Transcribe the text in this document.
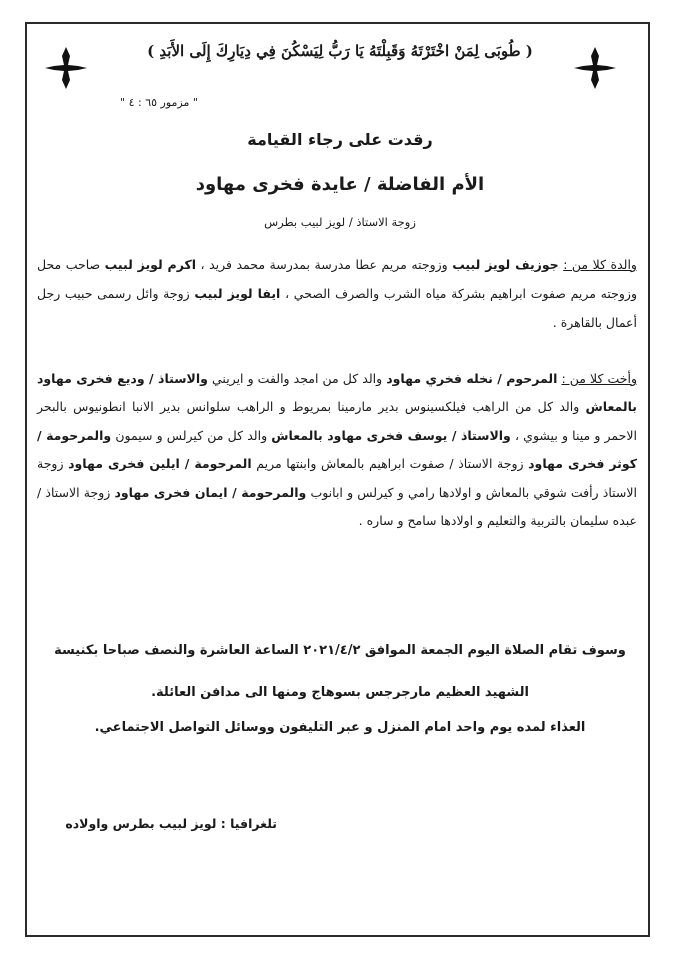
( طُوبَى لِمَنْ اخْتَرْتَهُ وَقَبِلْتَهُ يَا رَبُّ لِيَسْكُنَ فِي دِيَارِكَ إِلَى الأَبَدِ )
" مزمور ٦٥ : ٤ "
رقدت على رجاء القيامة
الأم الفاضلة / عايدة فخرى مهاود
زوجة الاستاذ / لويز لبيب بطرس
والدة كلا من : جوزيف لويز لبيب وزوجته مريم عطا مدرسة بمدرسة محمد فريد ، اكرم لويز لبيب صاحب محل وزوجته مريم صفوت ابراهيم بشركة مياه الشرب والصرف الصحي ، ايفا لويز لبيب زوجة وائل رسمى حبيب رجل أعمال بالقاهرة .
وأخت كلا من : المرحوم / نخله فخري مهاود والد كل من امجد والفت و ايريني والاستاذ / وديع فخرى مهاود بالمعاش والد كل من الراهب فيلكسينوس بدير مارمينا بمريوط و الراهب سلوانس بدير الانبا انطونيوس بالبحر الاحمر و مينا و بيشوي ، والاستاذ / يوسف فخرى مهاود بالمعاش والد كل من كيرلس و سيمون والمرحومة / كوثر فخرى مهاود زوجة الاستاذ / صفوت ابراهيم بالمعاش وابنتها مريم المرحومة / ايلين فخرى مهاود زوجة الاستاذ رأفت شوقي بالمعاش و اولادها رامي و كيرلس و ابانوب والمرحومة / ايمان فخرى مهاود زوجة الاستاذ / عبده سليمان بالتربية والتعليم و اولادها سامح و ساره .
وسوف تقام الصلاة اليوم الجمعة الموافق ٢٠٢١/٤/٢ الساعة العاشرة والنصف صباحا بكنيسة الشهيد العظيم مارجرجس بسوهاج ومنها الى مدافن العائلة.
العذاء لمده يوم واحد امام المنزل و عبر التليفون ووسائل التواصل الاجتماعي.
تلغرافيا : لويز لبيب بطرس واولاده
